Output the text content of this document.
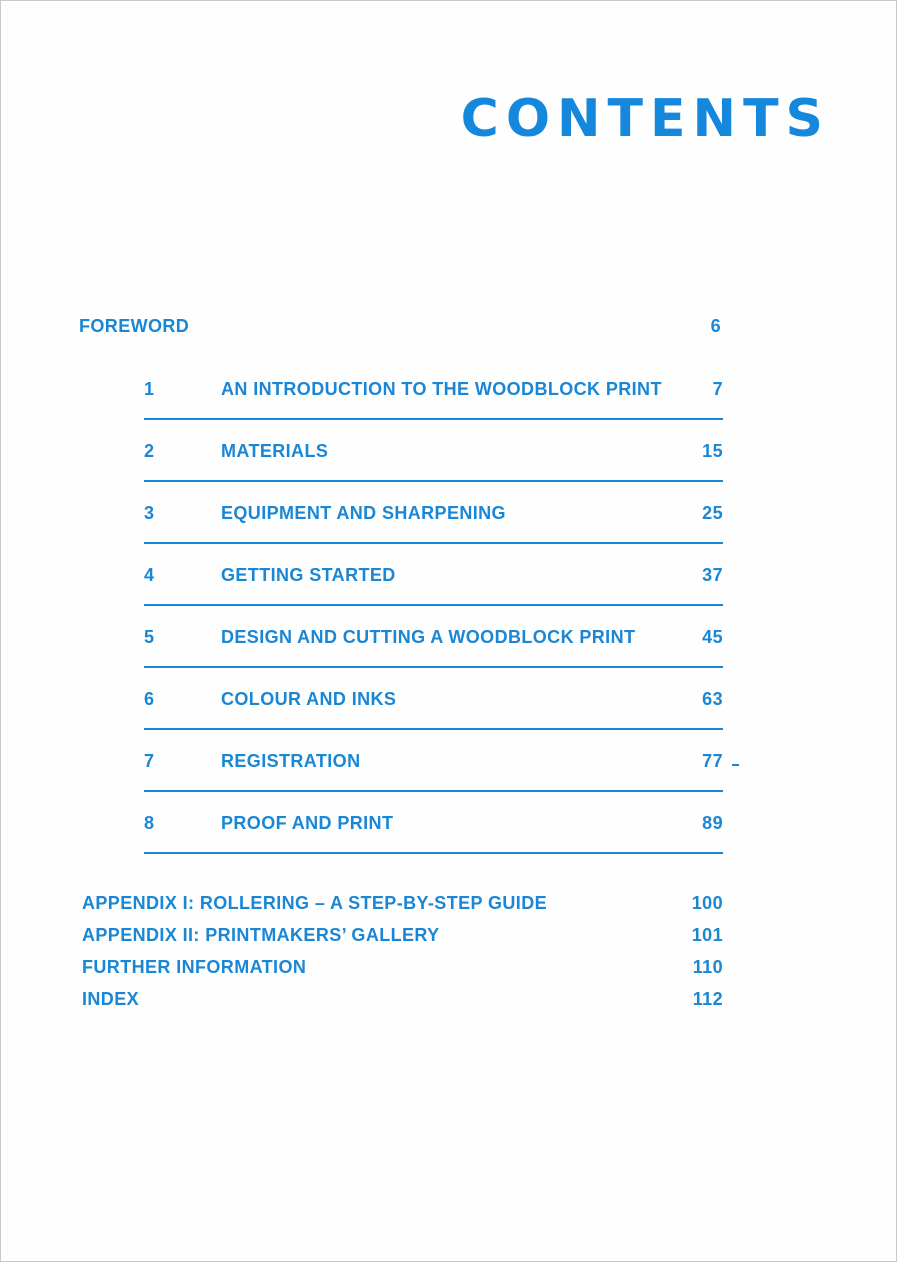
CONTENTS
FOREWORD	6
1	AN INTRODUCTION TO THE WOODBLOCK PRINT	7
2	MATERIALS	15
3	EQUIPMENT AND SHARPENING	25
4	GETTING STARTED	37
5	DESIGN AND CUTTING A WOODBLOCK PRINT	45
6	COLOUR AND INKS	63
7	REGISTRATION	77
8	PROOF AND PRINT	89
APPENDIX I: ROLLERING – A STEP-BY-STEP GUIDE	100
APPENDIX II: PRINTMAKERS’ GALLERY	101
FURTHER INFORMATION	110
INDEX	112
